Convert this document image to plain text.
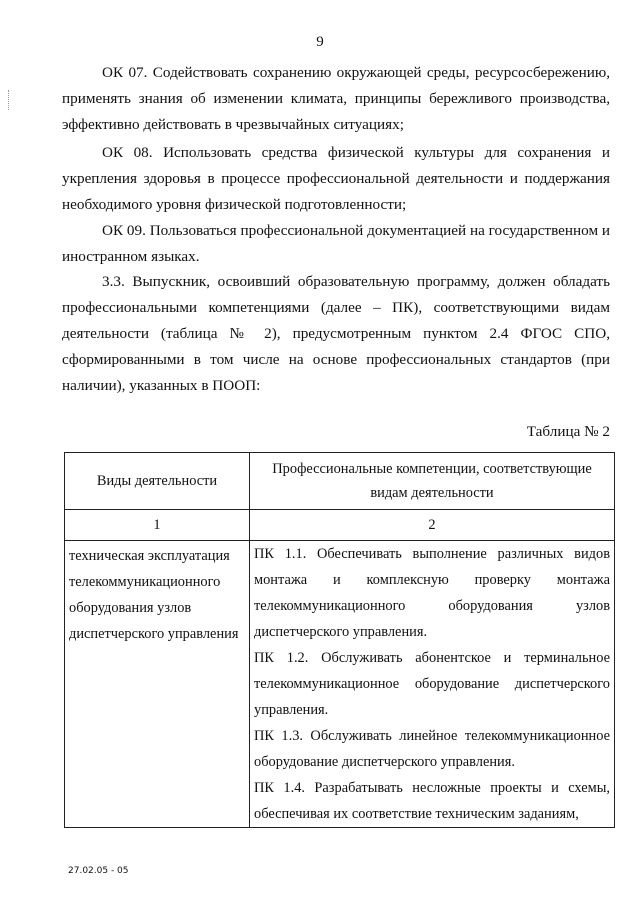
9

ОК 07. Содействовать сохранению окружающей среды, ресурсосбережению, применять знания об изменении климата, принципы бережливого производства, эффективно действовать в чрезвычайных ситуациях;

ОК 08. Использовать средства физической культуры для сохранения и укрепления здоровья в процессе профессиональной деятельности и поддержания необходимого уровня физической подготовленности;

ОК 09. Пользоваться профессиональной документацией на государственном и иностранном языках.

3.3. Выпускник, освоивший образовательную программу, должен обладать профессиональными компетенциями (далее – ПК), соответствующими видам деятельности (таблица № 2), предусмотренным пунктом 2.4 ФГОС СПО, сформированными в том числе на основе профессиональных стандартов (при наличии), указанных в ПООП:

Таблица № 2
Виды деятельности	Профессиональные компетенции, соответствующие видам деятельности
1	2
техническая эксплуатация телекоммуникационного оборудования узлов диспетчерского управления	ПК 1.1. Обеспечивать выполнение различных видов монтажа и комплексную проверку монтажа телекоммуникационного оборудования узлов диспетчерского управления.
ПК 1.2. Обслуживать абонентское и терминальное телекоммуникационное оборудование диспетчерского управления.
ПК 1.3. Обслуживать линейное телекоммуникационное оборудование диспетчерского управления.
ПК 1.4. Разрабатывать несложные проекты и схемы, обеспечивая их соответствие техническим заданиям,
27.02.05 - 05
